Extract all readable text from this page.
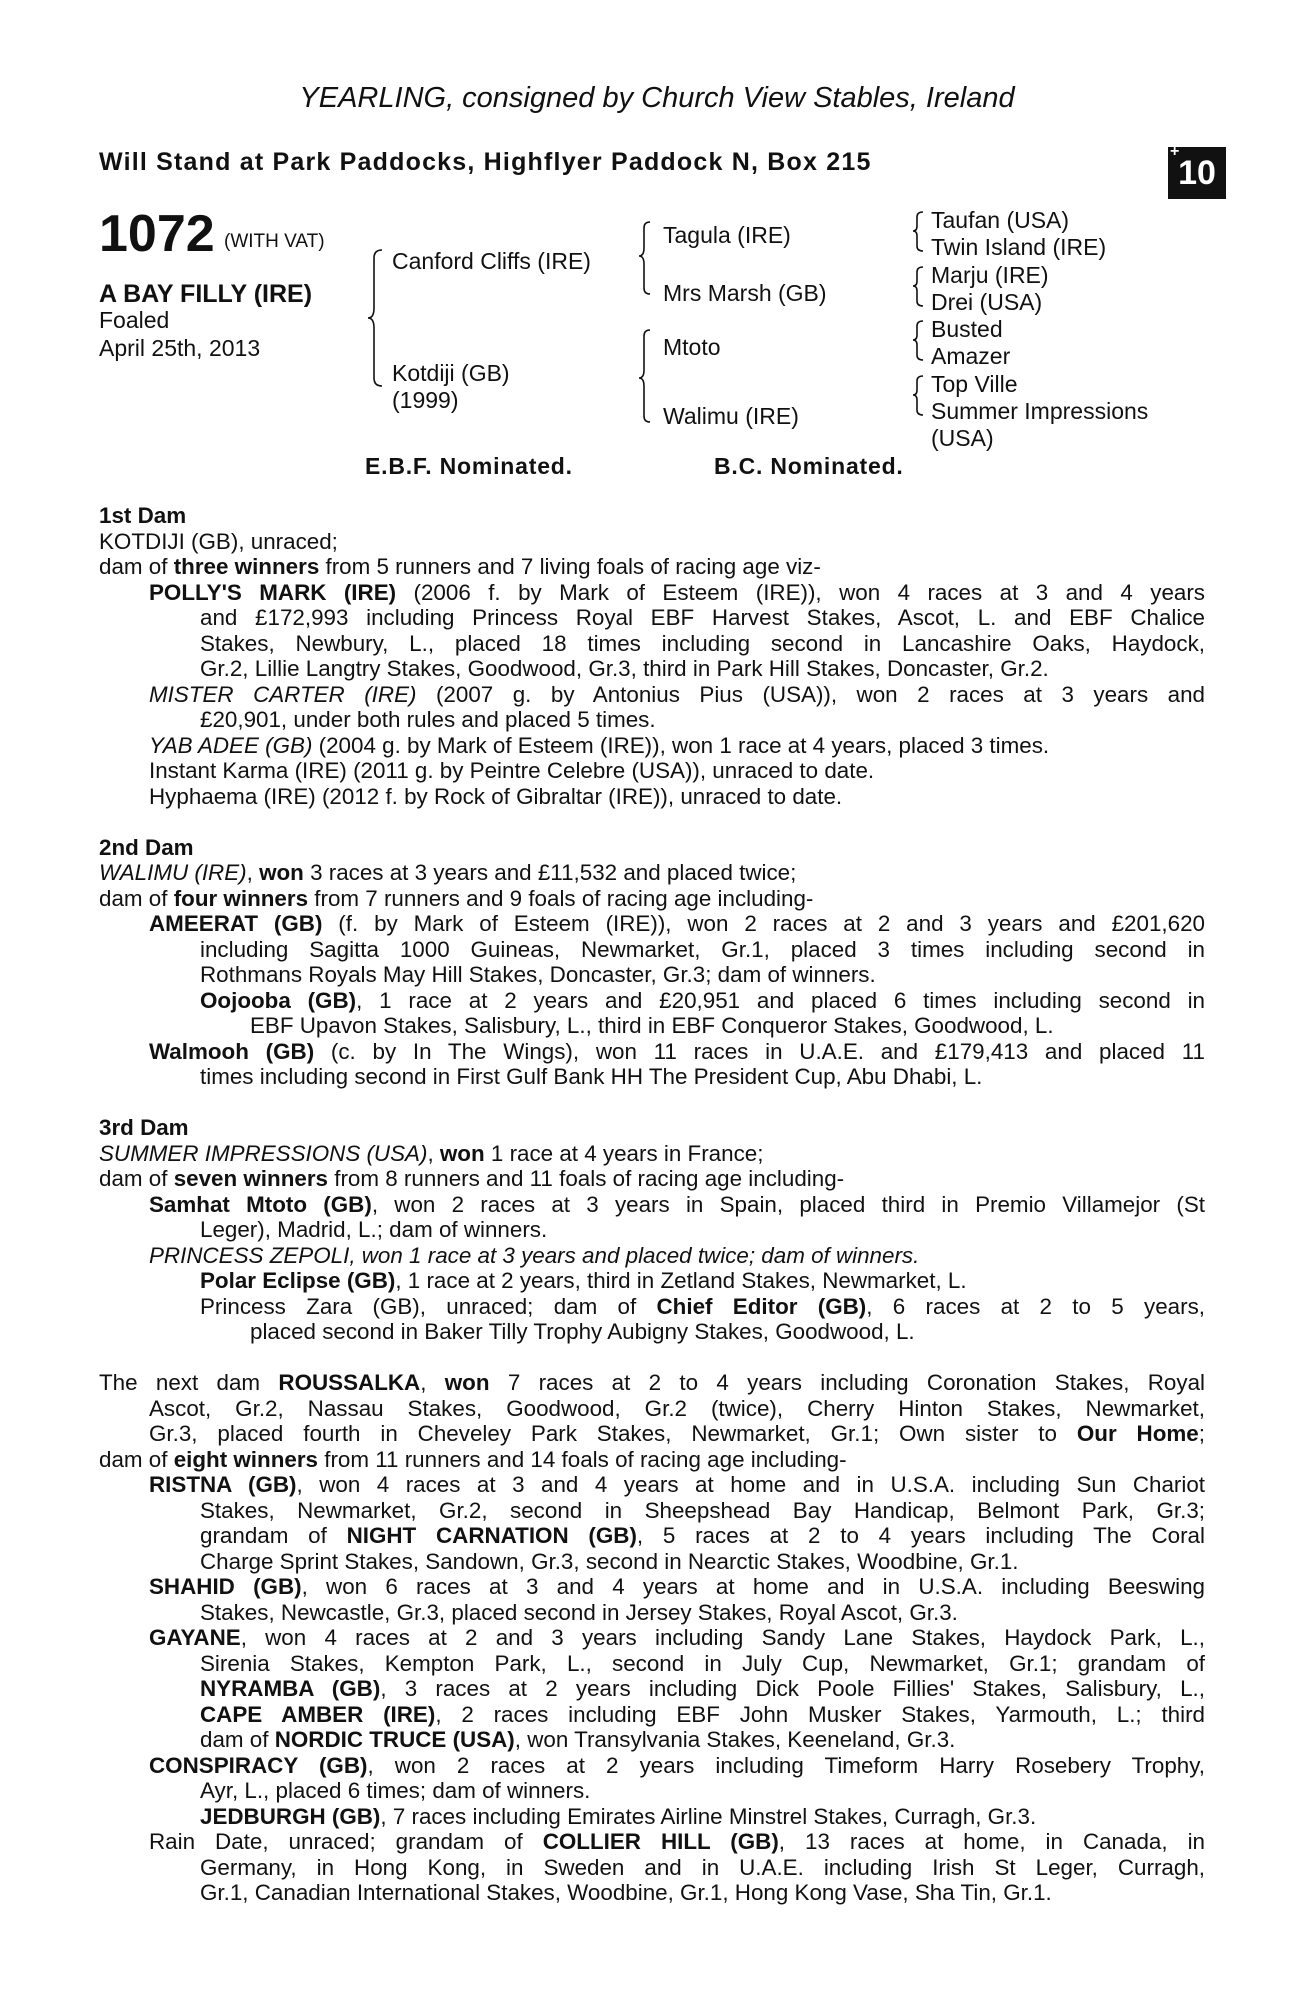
YEARLING, consigned by Church View Stables, Ireland
Will Stand at Park Paddocks, Highflyer Paddock N, Box 215	10
+
1072 (WITH VAT)
A BAY FILLY (IRE)
Foaled
April 25th, 2013
Canford Cliffs (IRE)
Kotdiji (GB)
(1999)
Tagula (IRE)
Mrs Marsh (GB)
Mtoto
Walimu (IRE)
Taufan (USA)
Twin Island (IRE)
Marju (IRE)
Drei (USA)
Busted
Amazer
Top Ville
Summer Impressions
(USA)
E.B.F. Nominated.	B.C. Nominated.
1st Dam
KOTDIJI (GB), unraced;
dam of three winners from 5 runners and 7 living foals of racing age viz-
POLLY'S MARK (IRE) (2006 f. by Mark of Esteem (IRE)), won 4 races at 3 and 4 years
and £172,993 including Princess Royal EBF Harvest Stakes, Ascot, L. and EBF Chalice
Stakes, Newbury, L., placed 18 times including second in Lancashire Oaks, Haydock,
Gr.2, Lillie Langtry Stakes, Goodwood, Gr.3, third in Park Hill Stakes, Doncaster, Gr.2.
MISTER CARTER (IRE) (2007 g. by Antonius Pius (USA)), won 2 races at 3 years and
£20,901, under both rules and placed 5 times.
YAB ADEE (GB) (2004 g. by Mark of Esteem (IRE)), won 1 race at 4 years, placed 3 times.
Instant Karma (IRE) (2011 g. by Peintre Celebre (USA)), unraced to date.
Hyphaema (IRE) (2012 f. by Rock of Gibraltar (IRE)), unraced to date.
2nd Dam
WALIMU (IRE), won 3 races at 3 years and £11,532 and placed twice;
dam of four winners from 7 runners and 9 foals of racing age including-
AMEERAT (GB) (f. by Mark of Esteem (IRE)), won 2 races at 2 and 3 years and £201,620
including Sagitta 1000 Guineas, Newmarket, Gr.1, placed 3 times including second in
Rothmans Royals May Hill Stakes, Doncaster, Gr.3; dam of winners.
Oojooba (GB), 1 race at 2 years and £20,951 and placed 6 times including second in
EBF Upavon Stakes, Salisbury, L., third in EBF Conqueror Stakes, Goodwood, L.
Walmooh (GB) (c. by In The Wings), won 11 races in U.A.E. and £179,413 and placed 11
times including second in First Gulf Bank HH The President Cup, Abu Dhabi, L.
3rd Dam
SUMMER IMPRESSIONS (USA), won 1 race at 4 years in France;
dam of seven winners from 8 runners and 11 foals of racing age including-
Samhat Mtoto (GB), won 2 races at 3 years in Spain, placed third in Premio Villamejor (St
Leger), Madrid, L.; dam of winners.
PRINCESS ZEPOLI, won 1 race at 3 years and placed twice; dam of winners.
Polar Eclipse (GB), 1 race at 2 years, third in Zetland Stakes, Newmarket, L.
Princess Zara (GB), unraced; dam of Chief Editor (GB), 6 races at 2 to 5 years,
placed second in Baker Tilly Trophy Aubigny Stakes, Goodwood, L.
The next dam ROUSSALKA, won 7 races at 2 to 4 years including Coronation Stakes, Royal
Ascot, Gr.2, Nassau Stakes, Goodwood, Gr.2 (twice), Cherry Hinton Stakes, Newmarket,
Gr.3, placed fourth in Cheveley Park Stakes, Newmarket, Gr.1; Own sister to Our Home;
dam of eight winners from 11 runners and 14 foals of racing age including-
RISTNA (GB), won 4 races at 3 and 4 years at home and in U.S.A. including Sun Chariot
Stakes, Newmarket, Gr.2, second in Sheepshead Bay Handicap, Belmont Park, Gr.3;
grandam of NIGHT CARNATION (GB), 5 races at 2 to 4 years including The Coral
Charge Sprint Stakes, Sandown, Gr.3, second in Nearctic Stakes, Woodbine, Gr.1.
SHAHID (GB), won 6 races at 3 and 4 years at home and in U.S.A. including Beeswing
Stakes, Newcastle, Gr.3, placed second in Jersey Stakes, Royal Ascot, Gr.3.
GAYANE, won 4 races at 2 and 3 years including Sandy Lane Stakes, Haydock Park, L.,
Sirenia Stakes, Kempton Park, L., second in July Cup, Newmarket, Gr.1; grandam of
NYRAMBA (GB), 3 races at 2 years including Dick Poole Fillies' Stakes, Salisbury, L.,
CAPE AMBER (IRE), 2 races including EBF John Musker Stakes, Yarmouth, L.; third
dam of NORDIC TRUCE (USA), won Transylvania Stakes, Keeneland, Gr.3.
CONSPIRACY (GB), won 2 races at 2 years including Timeform Harry Rosebery Trophy,
Ayr, L., placed 6 times; dam of winners.
JEDBURGH (GB), 7 races including Emirates Airline Minstrel Stakes, Curragh, Gr.3.
Rain Date, unraced; grandam of COLLIER HILL (GB), 13 races at home, in Canada, in
Germany, in Hong Kong, in Sweden and in U.A.E. including Irish St Leger, Curragh,
Gr.1, Canadian International Stakes, Woodbine, Gr.1, Hong Kong Vase, Sha Tin, Gr.1.
